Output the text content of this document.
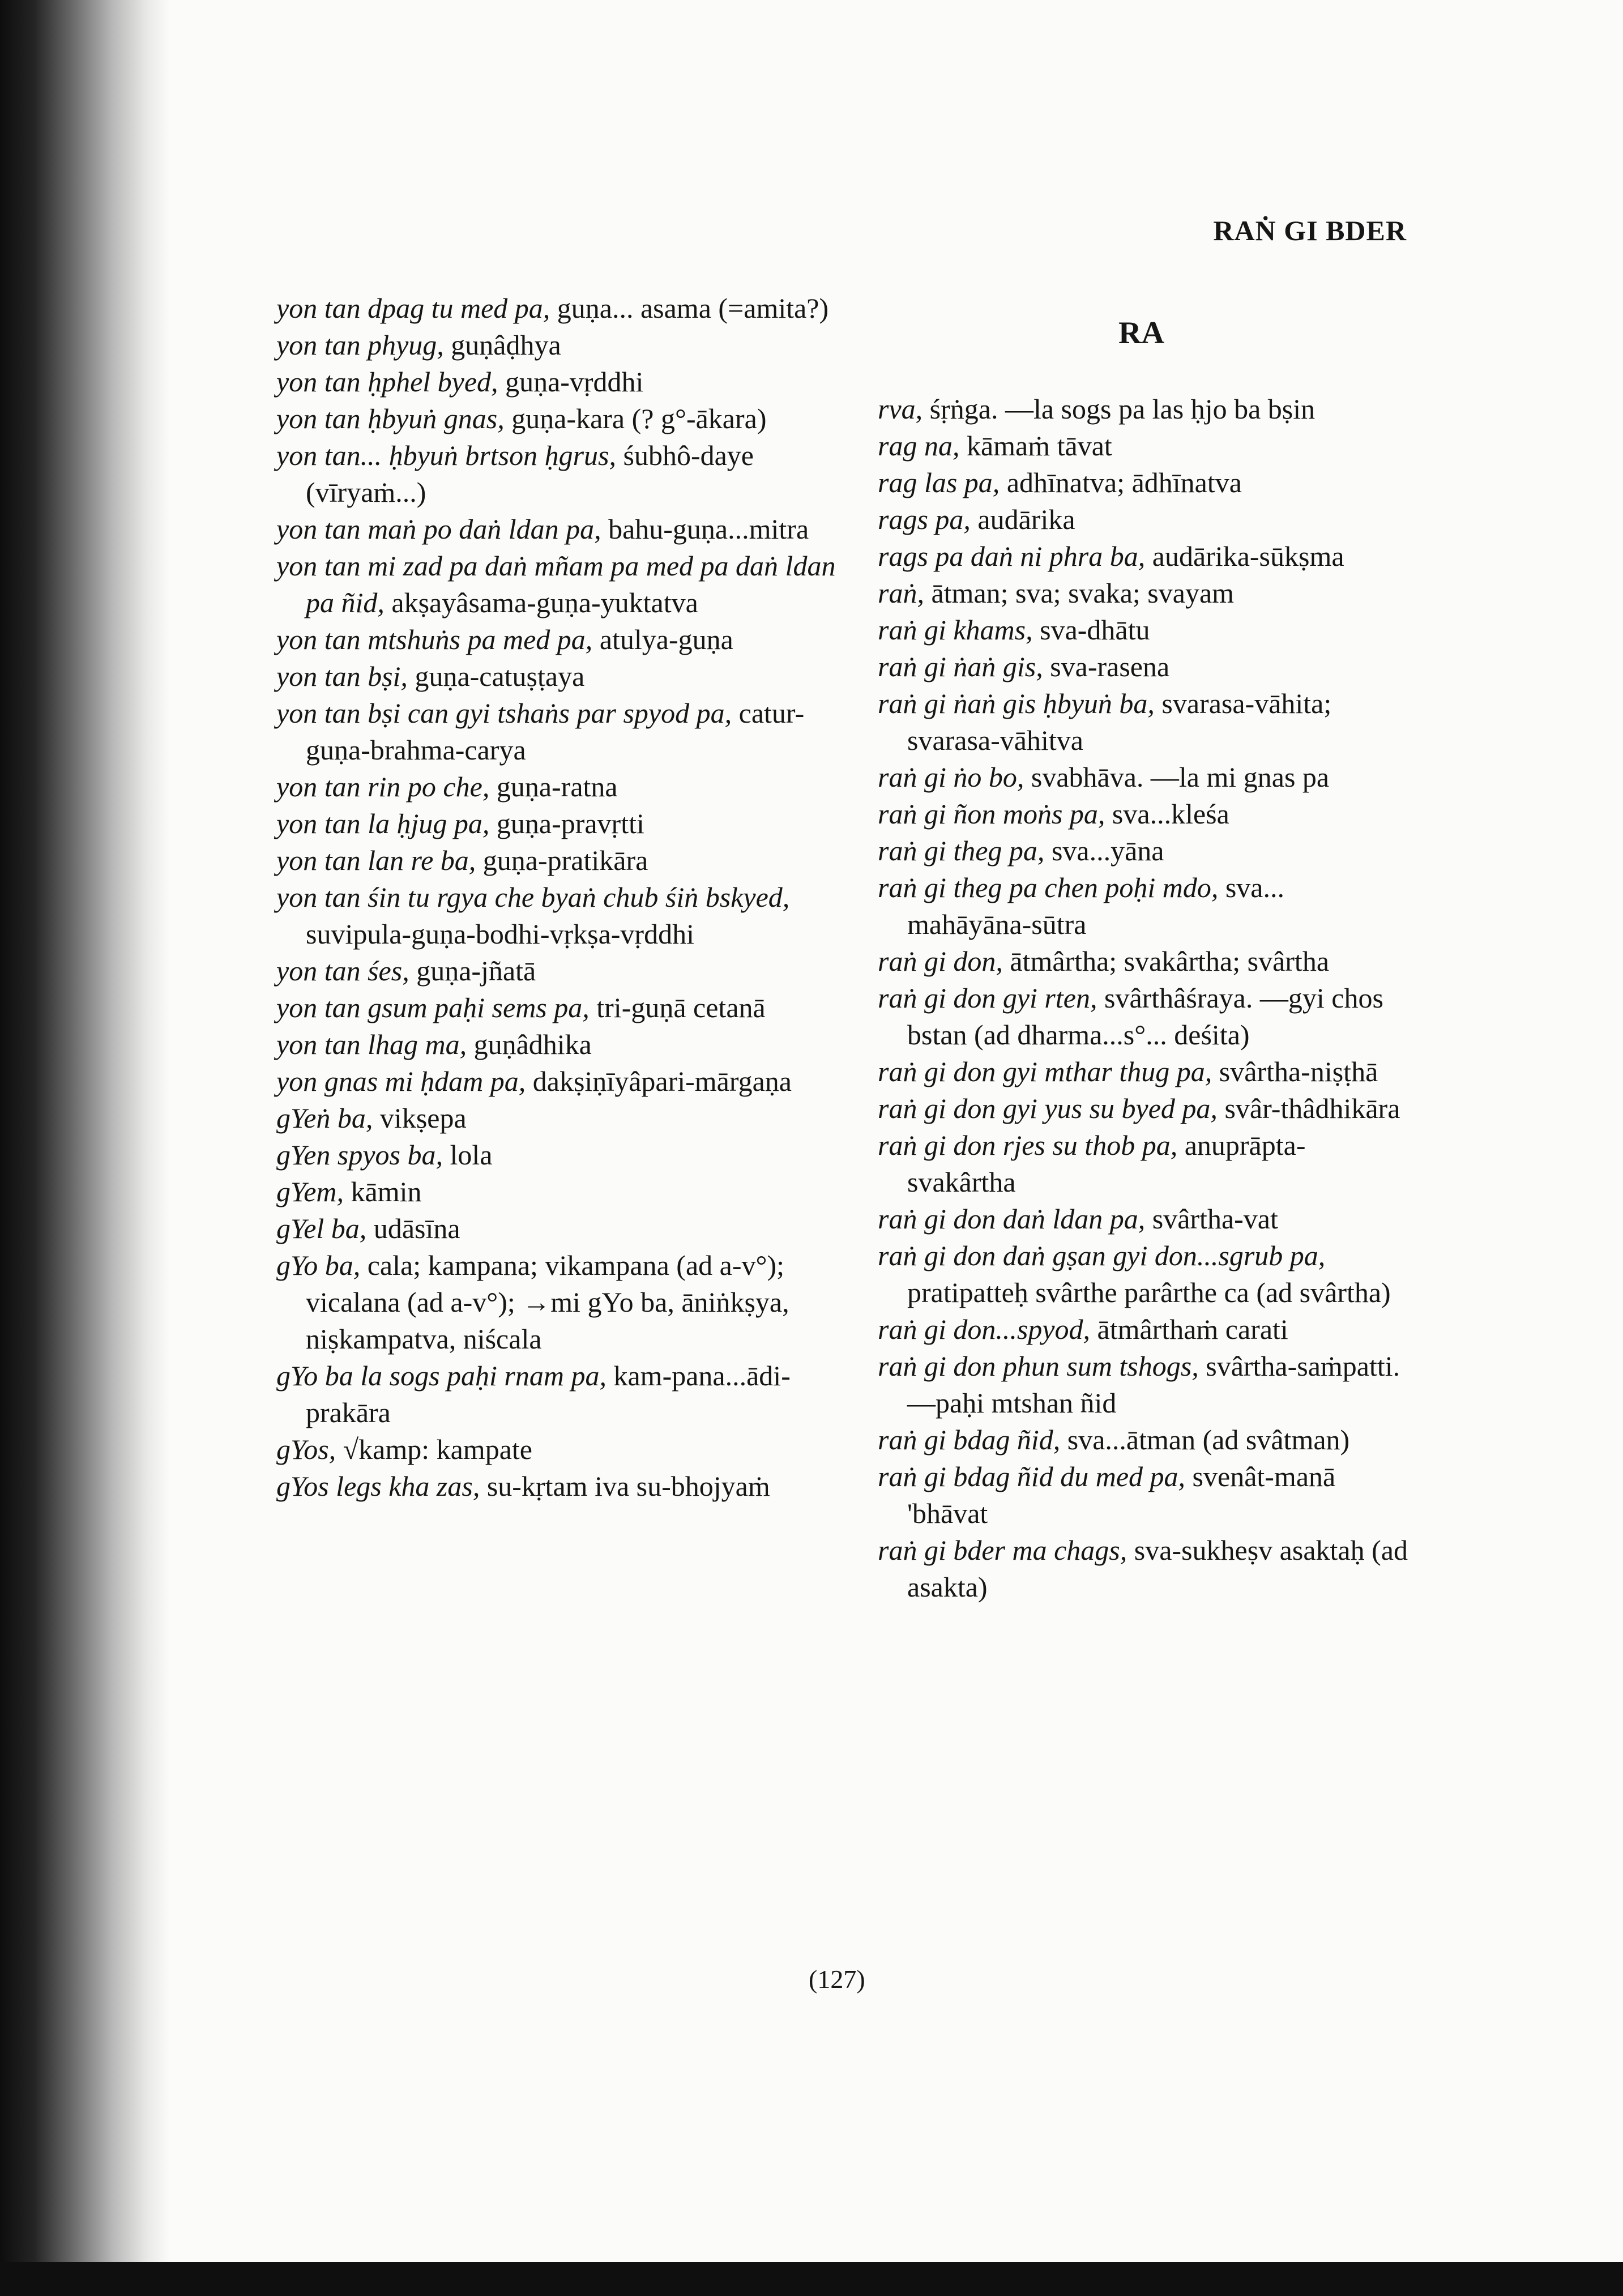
RAṄ GI BDER
RA

yon tan dpag tu med pa, guṇa... asama (=amita?)

yon tan phyug, guṇâḍhya

yon tan ḥphel byed, guṇa-vṛddhi

yon tan ḥbyuṅ gnas, guṇa-kara (? g°-ākara)

yon tan... ḥbyuṅ brtson ḥgrus, śubhô-daye (vīryaṁ...)

yon tan maṅ po daṅ ldan pa, bahu-guṇa...mitra

yon tan mi zad pa daṅ mñam pa med pa daṅ ldan pa ñid, akṣayâsama-guṇa-yuktatva

yon tan mtshuṅs pa med pa, atulya-guṇa

yon tan bṣi, guṇa-catuṣṭaya

yon tan bṣi can gyi tshaṅs par spyod pa, catur-guṇa-brahma-carya

yon tan rin po che, guṇa-ratna

yon tan la ḥjug pa, guṇa-pravṛtti

yon tan lan re ba, guṇa-pratikāra

yon tan śin tu rgya che byaṅ chub śiṅ bskyed, suvipula-guṇa-bodhi-vṛkṣa-vṛddhi

yon tan śes, guṇa-jñatā

yon tan gsum paḥi sems pa, tri-guṇā cetanā

yon tan lhag ma, guṇâdhika

yon gnas mi ḥdam pa, dakṣiṇīyâpari-mārgaṇa

gYeṅ ba, vikṣepa

gYen spyos ba, lola

gYem, kāmin

gYel ba, udāsīna

gYo ba, cala; kampana; vikampana (ad a-v°); vicalana (ad a-v°); →mi gYo ba, āniṅkṣya, niṣkampatva, niścala

gYo ba la sogs paḥi rnam pa, kam-pana...ādi-prakāra

gYos, √kamp: kampate

gYos legs kha zas, su-kṛtam iva su-bhojyaṁ

rva, śṛṅga. —la sogs pa las ḥjo ba bṣin

rag na, kāmaṁ tāvat

rag las pa, adhīnatva; ādhīnatva

rags pa, audārika

rags pa daṅ ni phra ba, audārika-sūkṣma

raṅ, ātman; sva; svaka; svayam

raṅ gi khams, sva-dhātu

raṅ gi ṅaṅ gis, sva-rasena

raṅ gi ṅaṅ gis ḥbyuṅ ba, svarasa-vāhita; svarasa-vāhitva

raṅ gi ṅo bo, svabhāva. —la mi gnas pa

raṅ gi ñon moṅs pa, sva...kleśa

raṅ gi theg pa, sva...yāna

raṅ gi theg pa chen poḥi mdo, sva... mahāyāna-sūtra

raṅ gi don, ātmârtha; svakârtha; svârtha

raṅ gi don gyi rten, svârthâśraya. —gyi chos bstan (ad dharma...s°... deśita)

raṅ gi don gyi mthar thug pa, svârtha-niṣṭhā

raṅ gi don gyi yus su byed pa, svâr-thâdhikāra

raṅ gi don rjes su thob pa, anuprāpta-svakârtha

raṅ gi don daṅ ldan pa, svârtha-vat

raṅ gi don daṅ gṣan gyi don...sgrub pa, pratipatteḥ svârthe parârthe ca (ad svârtha)

raṅ gi don...spyod, ātmârthaṁ carati

raṅ gi don phun sum tshogs, svârtha-saṁpatti. —paḥi mtshan ñid

raṅ gi bdag ñid, sva...ātman (ad svâtman)

raṅ gi bdag ñid du med pa, svenât-manā 'bhāvat

raṅ gi bder ma chags, sva-sukheṣv asaktaḥ (ad asakta)

(127)
